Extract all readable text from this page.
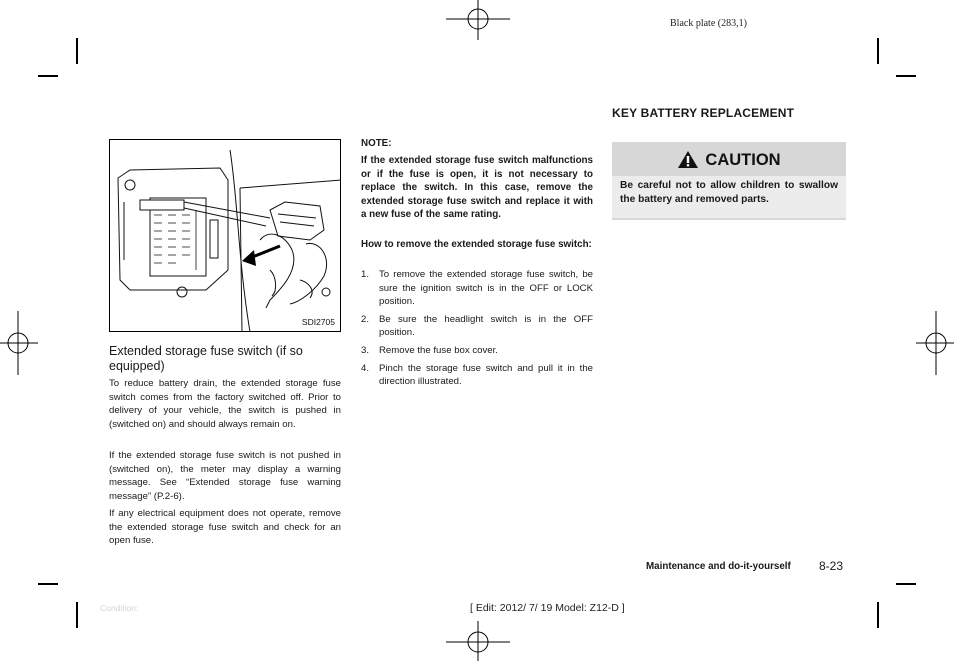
Black plate (283,1)
SDI2705
Extended storage fuse switch (if so equipped)

To reduce battery drain, the extended storage fuse switch comes from the factory switched off. Prior to delivery of your vehicle, the switch is pushed in (switched on) and should always remain on.

If the extended storage fuse switch is not pushed in (switched on), the meter may display a warning message. See “Extended storage fuse warning message” (P.2-6).

If any electrical equipment does not operate, remove the extended storage fuse switch and check for an open fuse.

NOTE:

If the extended storage fuse switch malfunctions or if the fuse is open, it is not necessary to replace the switch. In this case, remove the extended storage fuse switch and replace it with a new fuse of the same rating.

How to remove the extended storage fuse switch:

1.	To remove the extended storage fuse switch, be sure the ignition switch is in the OFF or LOCK position.
2.	Be sure the headlight switch is in the OFF position.
3.	Remove the fuse box cover.
4.	Pinch the storage fuse switch and pull it in the direction illustrated.
KEY BATTERY REPLACEMENT
CAUTION
Be careful not to allow children to swallow the battery and removed parts.
Maintenance and do-it-yourself 8-23
Condition:	[ Edit: 2012/ 7/ 19 Model: Z12-D ]
